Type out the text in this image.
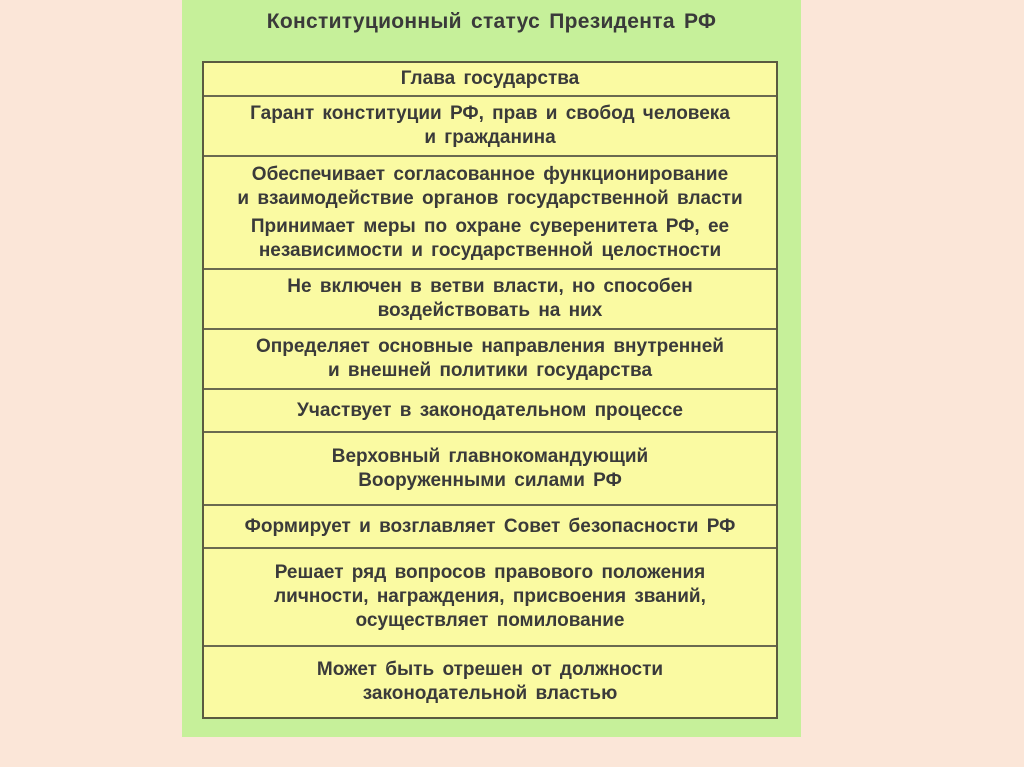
Конституционный статус Президента РФ
Глава государства
Гарант конституции РФ, прав и свобод человека
и гражданина
Обеспечивает согласованное функционирование
и взаимодействие органов государственной власти
Принимает меры по охране суверенитета РФ, ее
независимости и государственной целостности
Не включен в ветви власти, но способен
воздействовать на них
Определяет основные направления внутренней
и внешней политики государства
Участвует в законодательном процессе
Верховный главнокомандующий
Вооруженными силами РФ
Формирует и возглавляет Совет безопасности РФ
Решает ряд вопросов правового положения
личности, награждения, присвоения званий,
осуществляет помилование
Может быть отрешен от должности
законодательной властью
